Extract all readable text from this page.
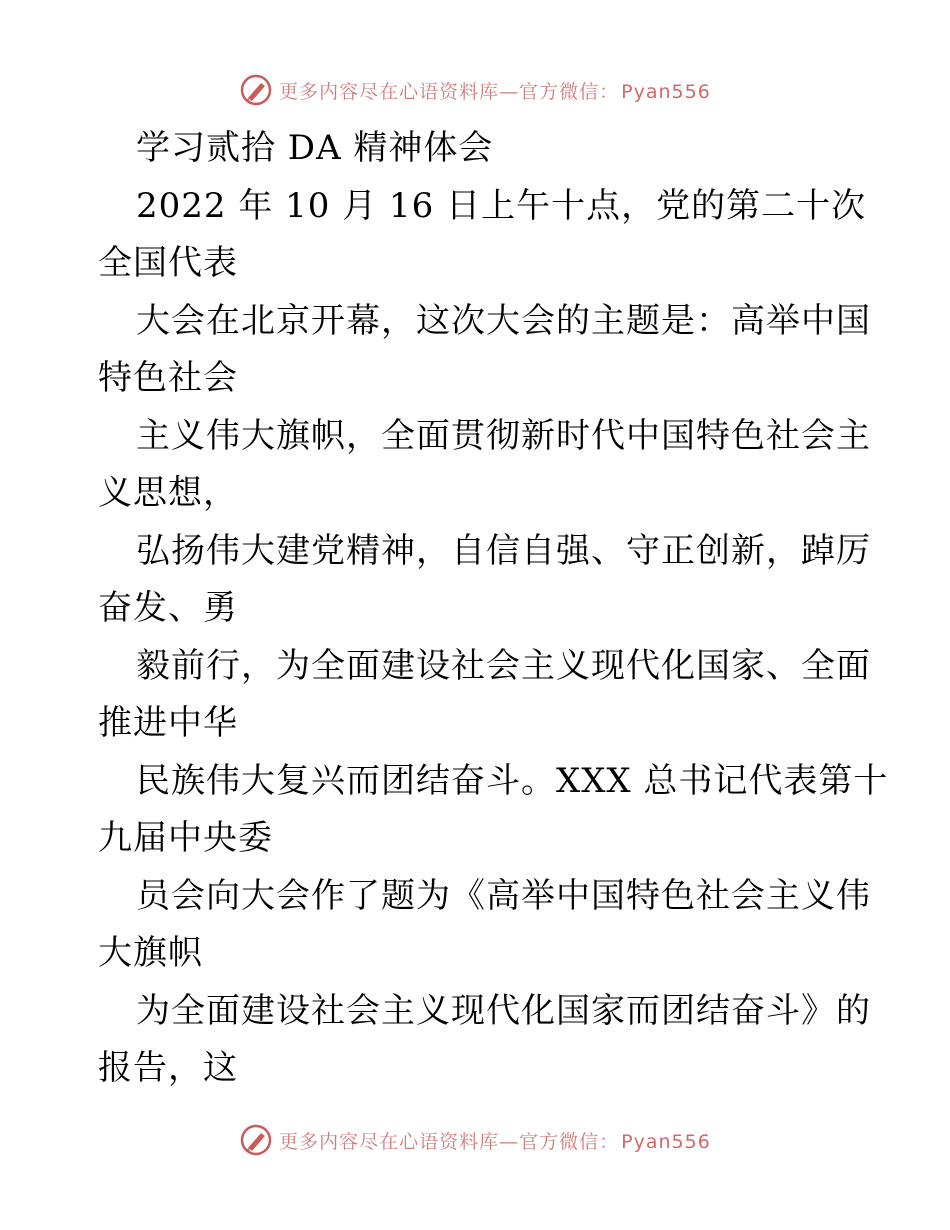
更多内容尽在心语资料库—官方微信： Pyan556
学习贰拾 DA 精神体会
2022 年 10 月 16 日上午十点，党的第二十次
全国代表
大会在北京开幕，这次大会的主题是：高举中国
特色社会
主义伟大旗帜，全面贯彻新时代中国特色社会主
义思想，
弘扬伟大建党精神，自信自强、守正创新，踔厉
奋发、勇
毅前行，为全面建设社会主义现代化国家、全面
推进中华
民族伟大复兴而团结奋斗。XXX 总书记代表第十
九届中央委
员会向大会作了题为《高举中国特色社会主义伟
大旗帜
为全面建设社会主义现代化国家而团结奋斗》的
报告，这
更多内容尽在心语资料库—官方微信： Pyan556
